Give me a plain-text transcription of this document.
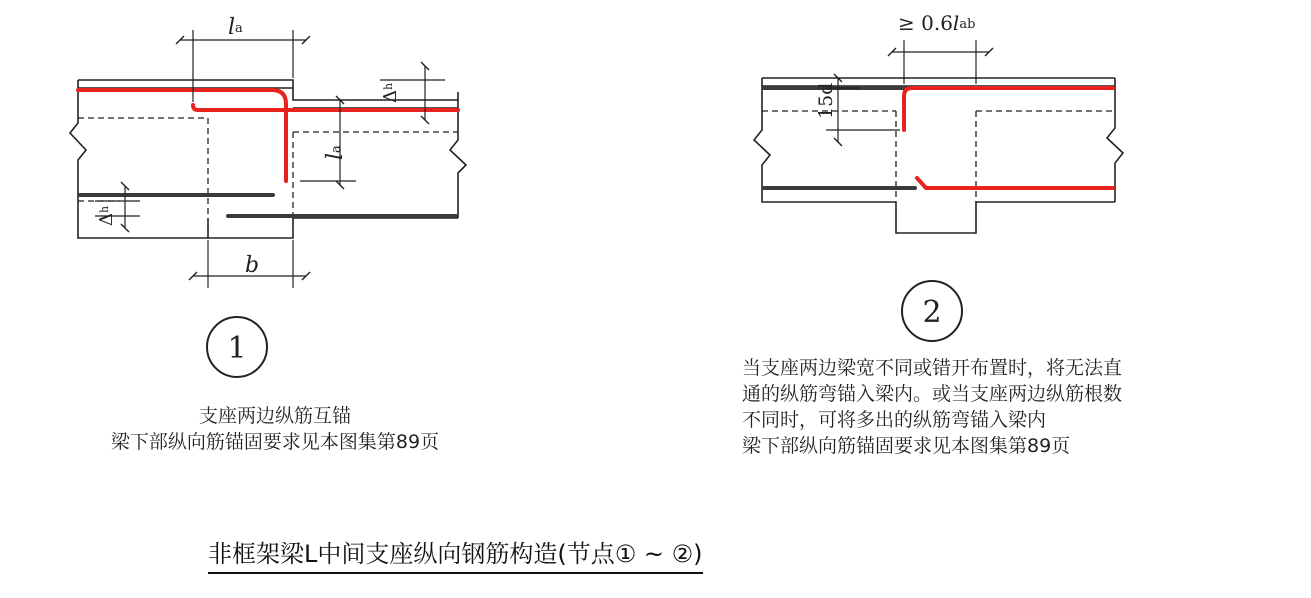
la
$\Delta^h$
la
$\Delta^h$
b
1
≥ 0.6lab
15d
2
支座两边纵筋互锚
梁下部纵向筋锚固要求见本图集第89页
当支座两边梁宽不同或错开布置时，将无法直
通的纵筋弯锚入梁内。或当支座两边纵筋根数
不同时，可将多出的纵筋弯锚入梁内
梁下部纵向筋锚固要求见本图集第89页
非框架梁L中间支座纵向钢筋构造(节点① ~ ②)
